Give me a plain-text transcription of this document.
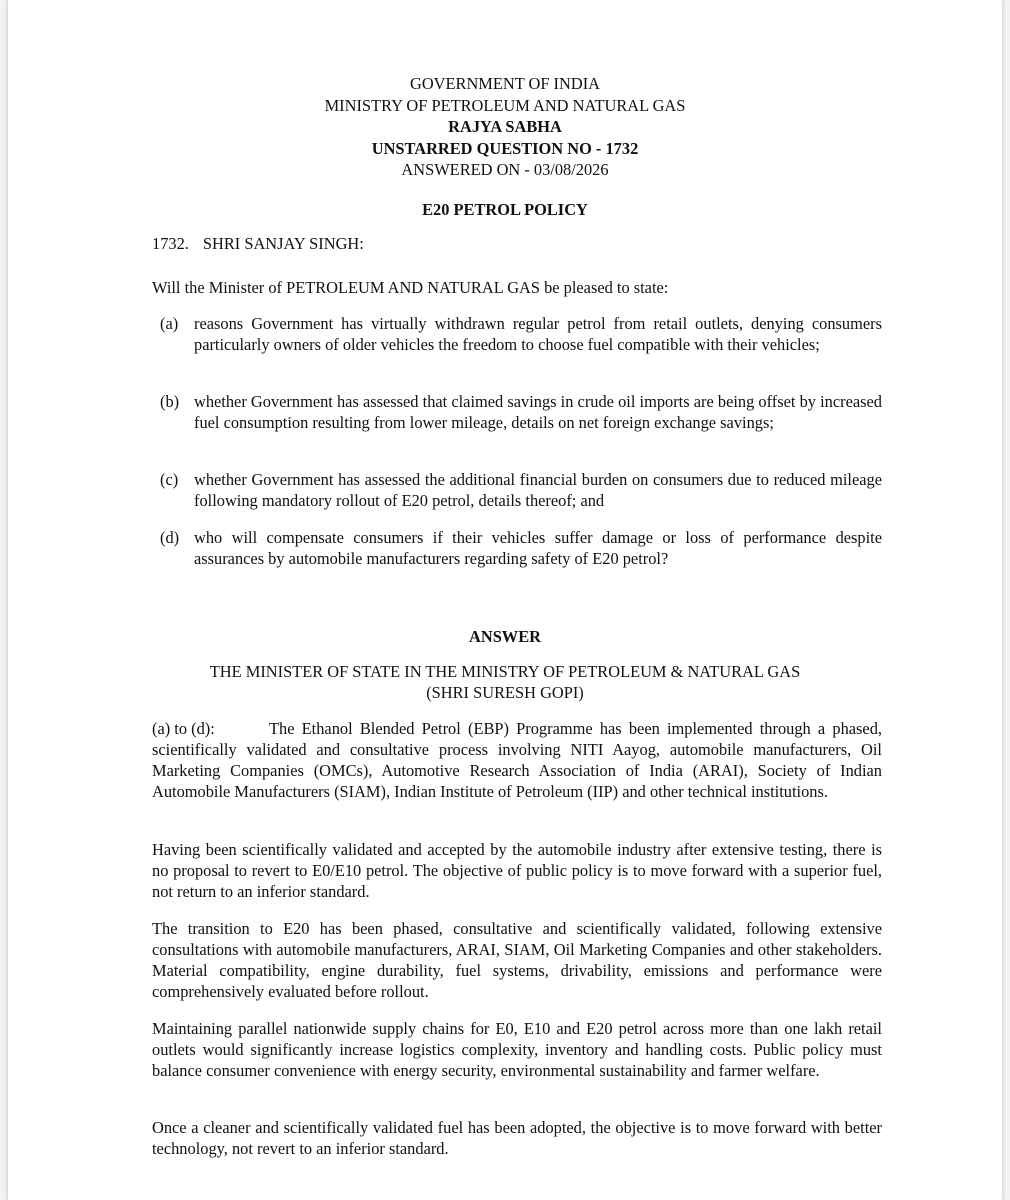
GOVERNMENT OF INDIA
MINISTRY OF PETROLEUM AND NATURAL GAS
RAJYA SABHA
UNSTARRED QUESTION NO - 1732
ANSWERED ON - 03/08/2026
E20 PETROL POLICY
1732. SHRI SANJAY SINGH:
Will the Minister of PETROLEUM AND NATURAL GAS be pleased to state:
(a) reasons Government has virtually withdrawn regular petrol from retail outlets, denying consumers particularly owners of older vehicles the freedom to choose fuel compatible with their vehicles;
(b) whether Government has assessed that claimed savings in crude oil imports are being offset by increased fuel consumption resulting from lower mileage, details on net foreign exchange savings;
(c) whether Government has assessed the additional financial burden on consumers due to reduced mileage following mandatory rollout of E20 petrol, details thereof; and
(d) who will compensate consumers if their vehicles suffer damage or loss of performance despite assurances by automobile manufacturers regarding safety of E20 petrol?
ANSWER
THE MINISTER OF STATE IN THE MINISTRY OF PETROLEUM & NATURAL GAS
(SHRI SURESH GOPI)
(a) to (d):	The Ethanol Blended Petrol (EBP) Programme has been implemented through a phased, scientifically validated and consultative process involving NITI Aayog, automobile manufacturers, Oil Marketing Companies (OMCs), Automotive Research Association of India (ARAI), Society of Indian Automobile Manufacturers (SIAM), Indian Institute of Petroleum (IIP) and other technical institutions.
Having been scientifically validated and accepted by the automobile industry after extensive testing, there is no proposal to revert to E0/E10 petrol. The objective of public policy is to move forward with a superior fuel, not return to an inferior standard.
The transition to E20 has been phased, consultative and scientifically validated, following extensive consultations with automobile manufacturers, ARAI, SIAM, Oil Marketing Companies and other stakeholders. Material compatibility, engine durability, fuel systems, drivability, emissions and performance were comprehensively evaluated before rollout.
Maintaining parallel nationwide supply chains for E0, E10 and E20 petrol across more than one lakh retail outlets would significantly increase logistics complexity, inventory and handling costs. Public policy must balance consumer convenience with energy security, environmental sustainability and farmer welfare.
Once a cleaner and scientifically validated fuel has been adopted, the objective is to move forward with better technology, not revert to an inferior standard.
